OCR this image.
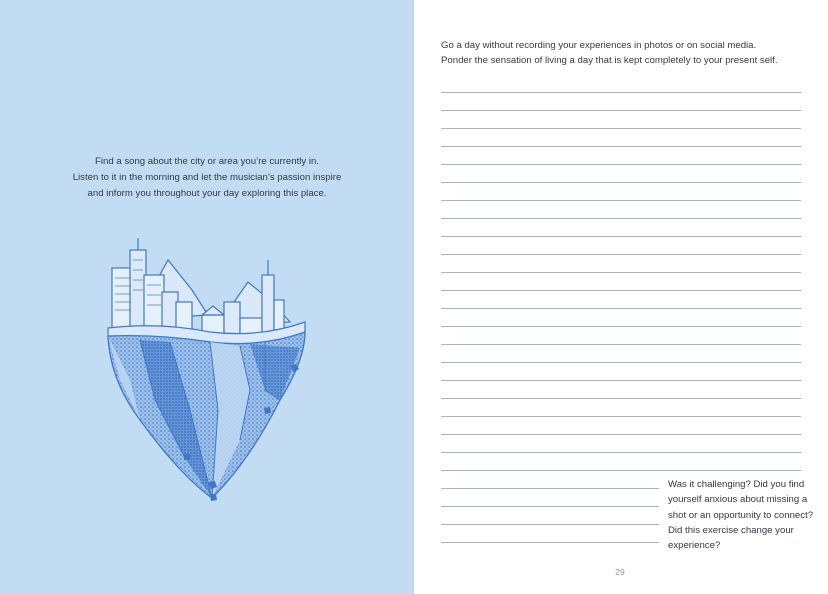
Find a song about the city or area you’re currently in.
Listen to it in the morning and let the musician’s passion inspire
and inform you throughout your day exploring this place.
Go a day without recording your experiences in photos or on social media.
Ponder the sensation of living a day that is kept completely to your present self.
Was it challenging? Did you find
yourself anxious about missing a
shot or an opportunity to connect?
Did this exercise change your
experience?
29
